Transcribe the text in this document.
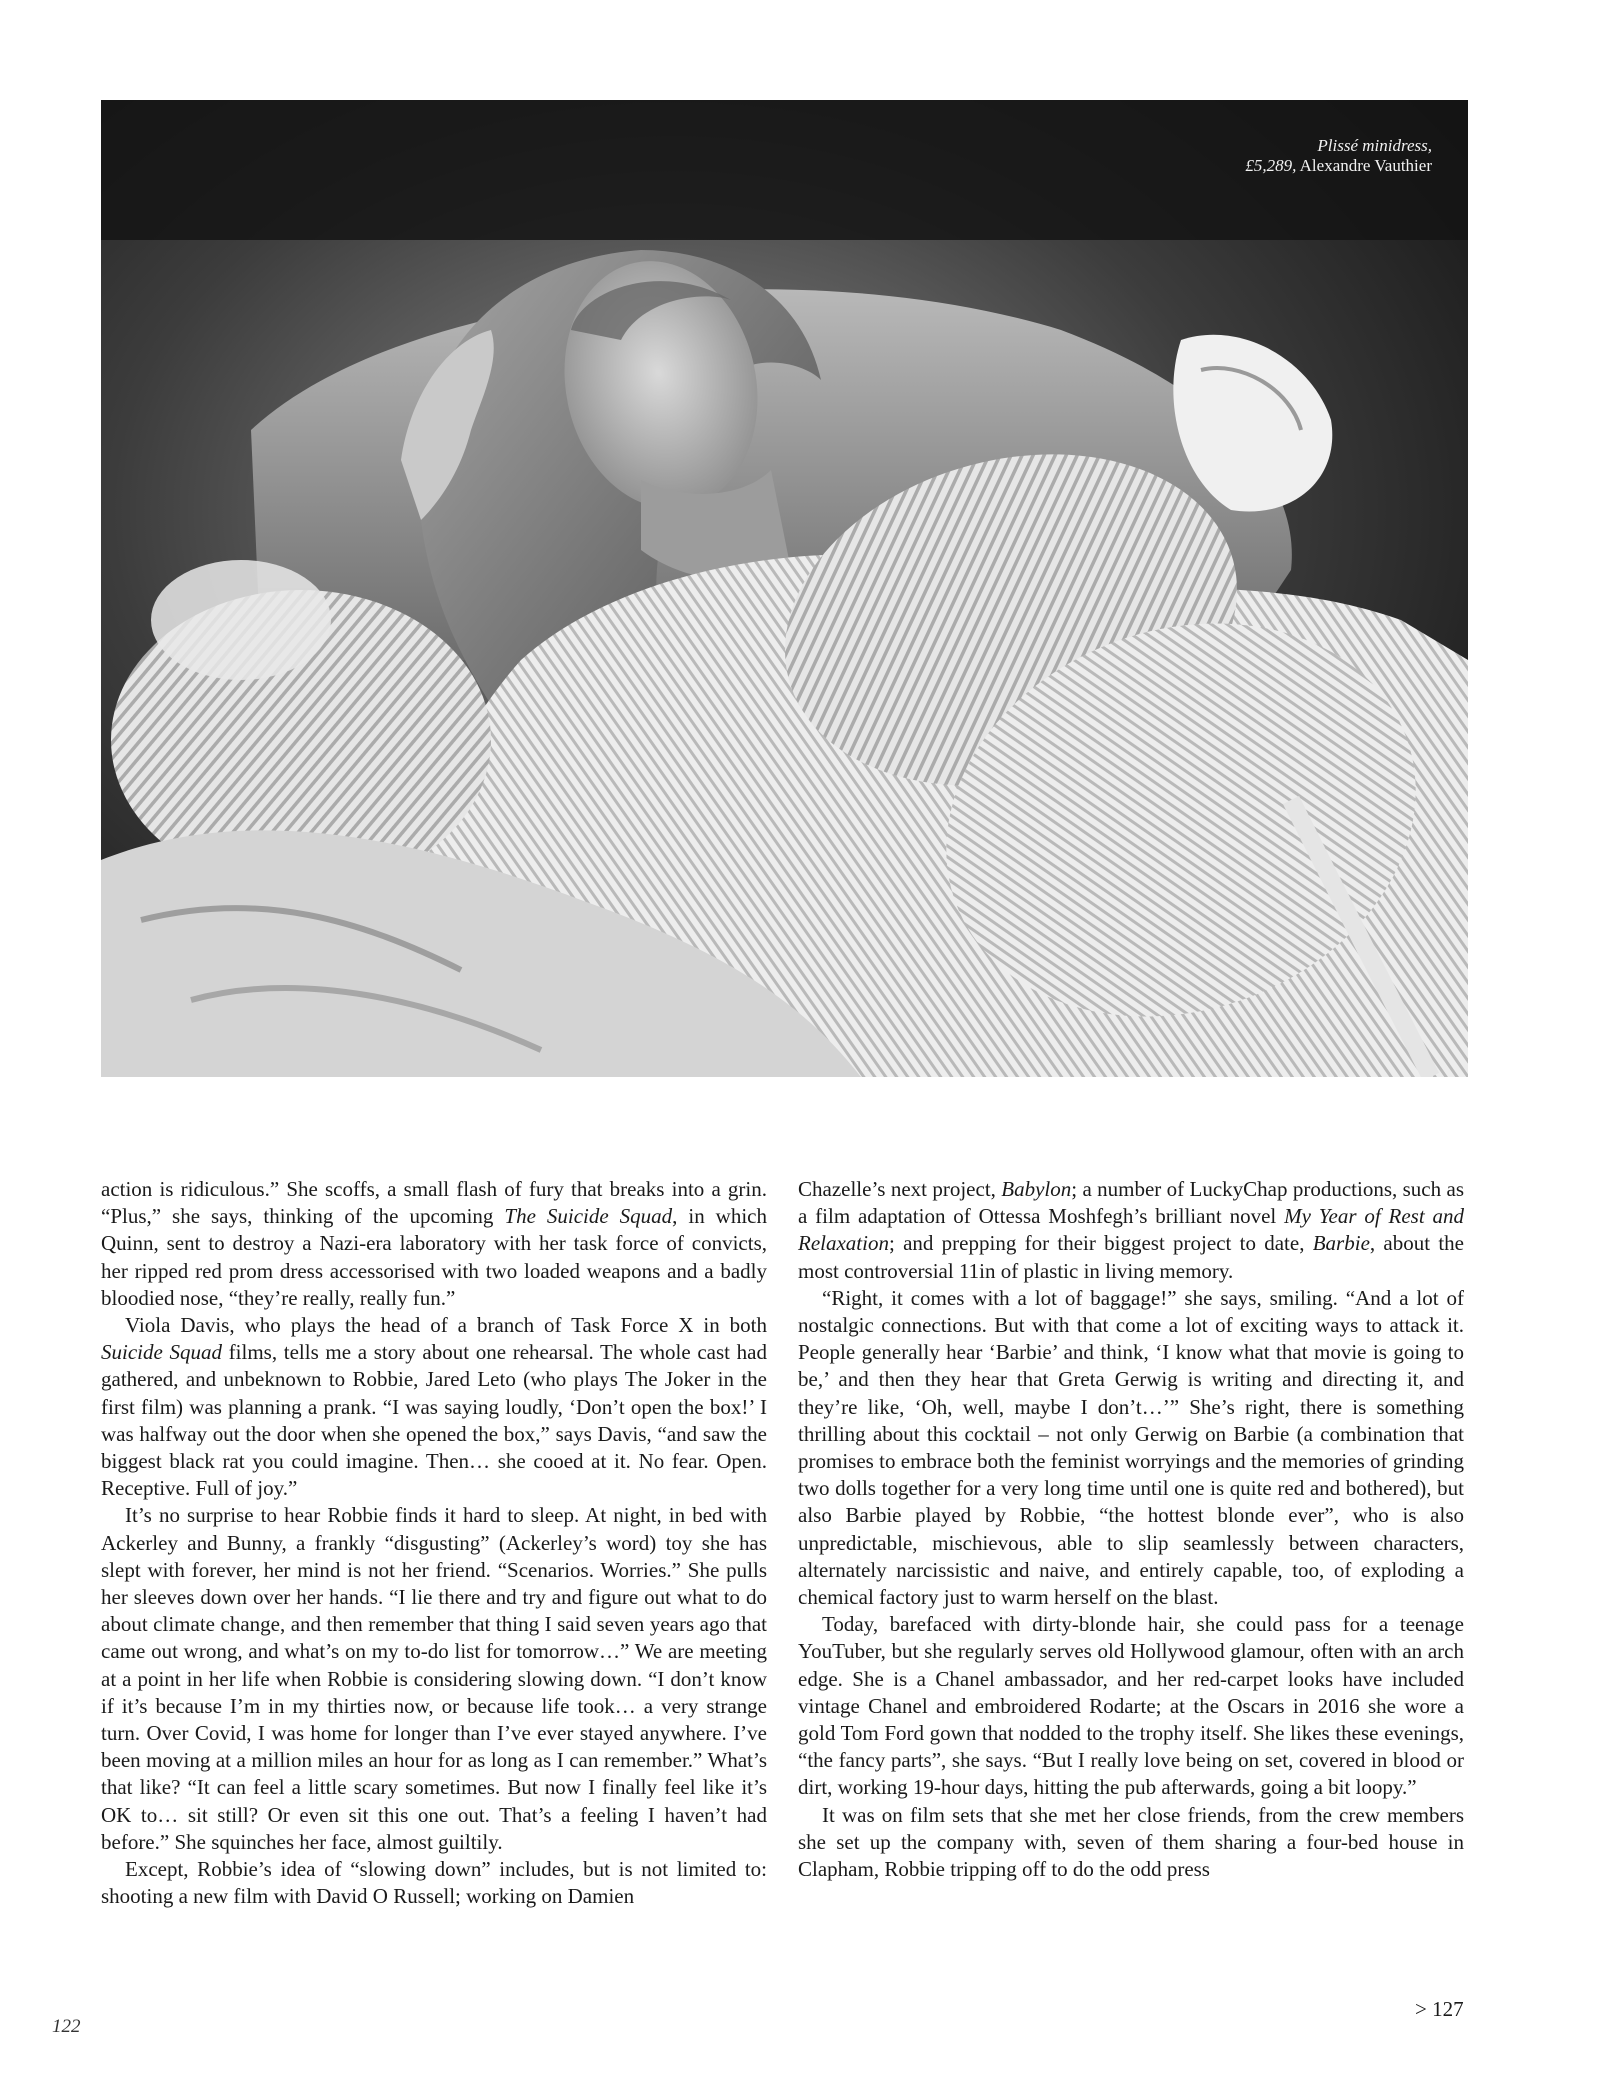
Plissé minidress,
£5,289, Alexandre Vauthier

action is ridiculous.” She scoffs, a small flash of fury that breaks into a grin. “Plus,” she says, thinking of the upcoming The Suicide Squad, in which Quinn, sent to destroy a Nazi-era laboratory with her task force of convicts, her ripped red prom dress accessorised with two loaded weapons and a badly bloodied nose, “they’re really, really fun.”

Viola Davis, who plays the head of a branch of Task Force X in both Suicide Squad films, tells me a story about one rehearsal. The whole cast had gathered, and unbeknown to Robbie, Jared Leto (who plays The Joker in the first film) was planning a prank. “I was saying loudly, ‘Don’t open the box!’ I was halfway out the door when she opened the box,” says Davis, “and saw the biggest black rat you could imagine. Then… she cooed at it. No fear. Open. Receptive. Full of joy.”

It’s no surprise to hear Robbie finds it hard to sleep. At night, in bed with Ackerley and Bunny, a frankly “disgusting” (Ackerley’s word) toy she has slept with forever, her mind is not her friend. “Scenarios. Worries.” She pulls her sleeves down over her hands. “I lie there and try and figure out what to do about climate change, and then remember that thing I said seven years ago that came out wrong, and what’s on my to-do list for tomorrow…” We are meeting at a point in her life when Robbie is considering slowing down. “I don’t know if it’s because I’m in my thirties now, or because life took… a very strange turn. Over Covid, I was home for longer than I’ve ever stayed anywhere. I’ve been moving at a million miles an hour for as long as I can remember.” What’s that like? “It can feel a little scary sometimes. But now I finally feel like it’s OK to… sit still? Or even sit this one out. That’s a feeling I haven’t had before.” She squinches her face, almost guiltily.

Except, Robbie’s idea of “slowing down” includes, but is not limited to: shooting a new film with David O Russell; working on Damien

Chazelle’s next project, Babylon; a number of LuckyChap productions, such as a film adaptation of Ottessa Moshfegh’s brilliant novel My Year of Rest and Relaxation; and prepping for their biggest project to date, Barbie, about the most controversial 11in of plastic in living memory.

“Right, it comes with a lot of baggage!” she says, smiling. “And a lot of nostalgic connections. But with that come a lot of exciting ways to attack it. People generally hear ‘Barbie’ and think, ‘I know what that movie is going to be,’ and then they hear that Greta Gerwig is writing and directing it, and they’re like, ‘Oh, well, maybe I don’t…’” She’s right, there is something thrilling about this cocktail – not only Gerwig on Barbie (a combination that promises to embrace both the feminist worryings and the memories of grinding two dolls together for a very long time until one is quite red and bothered), but also Barbie played by Robbie, “the hottest blonde ever”, who is also unpredictable, mischievous, able to slip seamlessly between characters, alternately narcissistic and naive, and entirely capable, too, of exploding a chemical factory just to warm herself on the blast.

Today, barefaced with dirty-blonde hair, she could pass for a teenage YouTuber, but she regularly serves old Hollywood glamour, often with an arch edge. She is a Chanel ambassador, and her red-carpet looks have included vintage Chanel and embroidered Rodarte; at the Oscars in 2016 she wore a gold Tom Ford gown that nodded to the trophy itself. She likes these evenings, “the fancy parts”, she says. “But I really love being on set, covered in blood or dirt, working 19-hour days, hitting the pub afterwards, going a bit loopy.”

It was on film sets that she met her close friends, from the crew members she set up the company with, seven of them sharing a four-bed house in Clapham, Robbie tripping off to do the odd press

> 127
122
